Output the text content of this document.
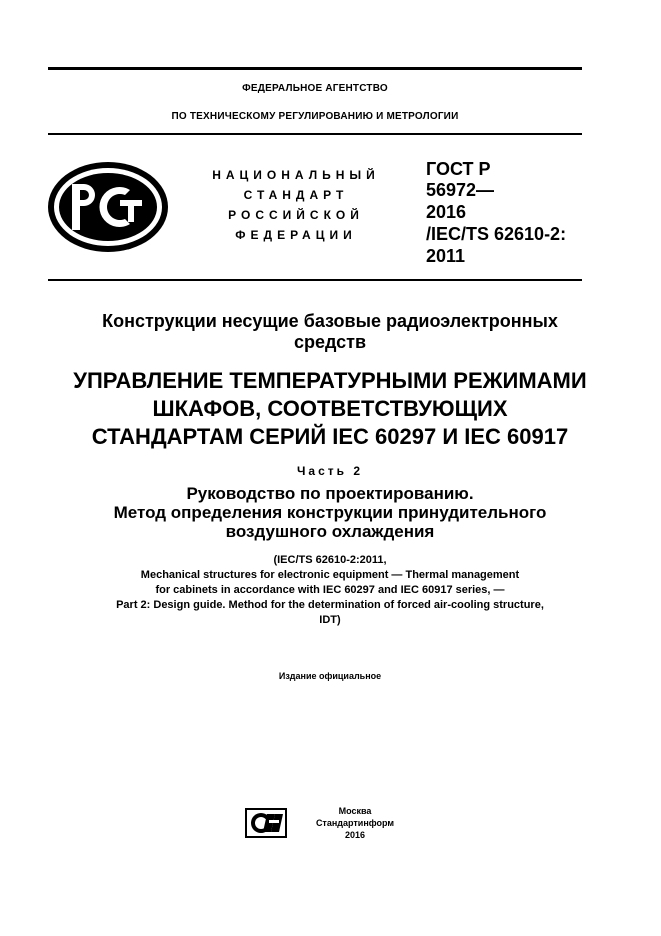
ФЕДЕРАЛЬНОЕ АГЕНТСТВО
ПО ТЕХНИЧЕСКОМУ РЕГУЛИРОВАНИЮ И МЕТРОЛОГИИ
НАЦИОНАЛЬНЫЙ
СТАНДАРТ
РОССИЙСКОЙ
ФЕДЕРАЦИИ
ГОСТ Р
56972—
2016
/IEC/TS 62610-2:
2011
Конструкции несущие базовые радиоэлектронных
средств
УПРАВЛЕНИЕ ТЕМПЕРАТУРНЫМИ РЕЖИМАМИ
ШКАФОВ, СООТВЕТСТВУЮЩИХ
СТАНДАРТАМ СЕРИЙ IEC 60297 И IEC 60917
Часть 2
Руководство по проектированию.
Метод определения конструкции принудительного
воздушного охлаждения
(IEC/TS 62610-2:2011,
Mechanical structures for electronic equipment — Thermal management
for cabinets in accordance with IEC 60297 and IEC 60917 series, —
Part 2: Design guide. Method for the determination of forced air-cooling structure,
IDT)
Издание официальное
Москва
Стандартинформ
2016
